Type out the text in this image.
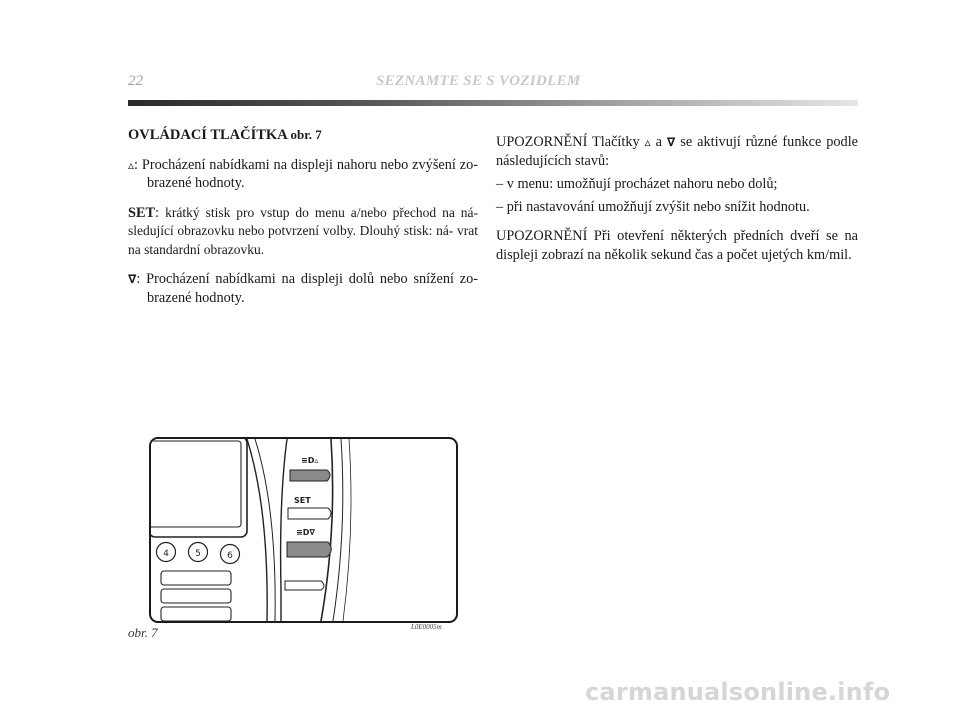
22	SEZNAMTE SE S VOZIDLEM

OVLÁDACÍ TLAČÍTKA obr. 7

▵: Procházení nabídkami na displeji nahoru nebo zvýšení zo- brazené hodnoty.

SET: krátký stisk pro vstup do menu a/nebo přechod na ná- sledující obrazovku nebo potvrzení volby. Dlouhý stisk: ná- vrat na standardní obrazovku.

∇: Procházení nabídkami na displeji dolů nebo snížení zo- brazené hodnoty.

UPOZORNĚNÍ Tlačítky ▵ a ∇ se aktivují různé funkce podle následujících stavů:

– v menu: umožňují procházet nahoru nebo dolů;

– při nastavování umožňují zvýšit nebo snížit hodnotu.

UPOZORNĚNÍ Při otevření některých předních dveří se na displeji zobrazí na několik sekund čas a počet ujetých km/mil.

4	5	6
≡D▵
SET
≡D∇
obr. 7	L0E0005m
carmanualsonline.info
